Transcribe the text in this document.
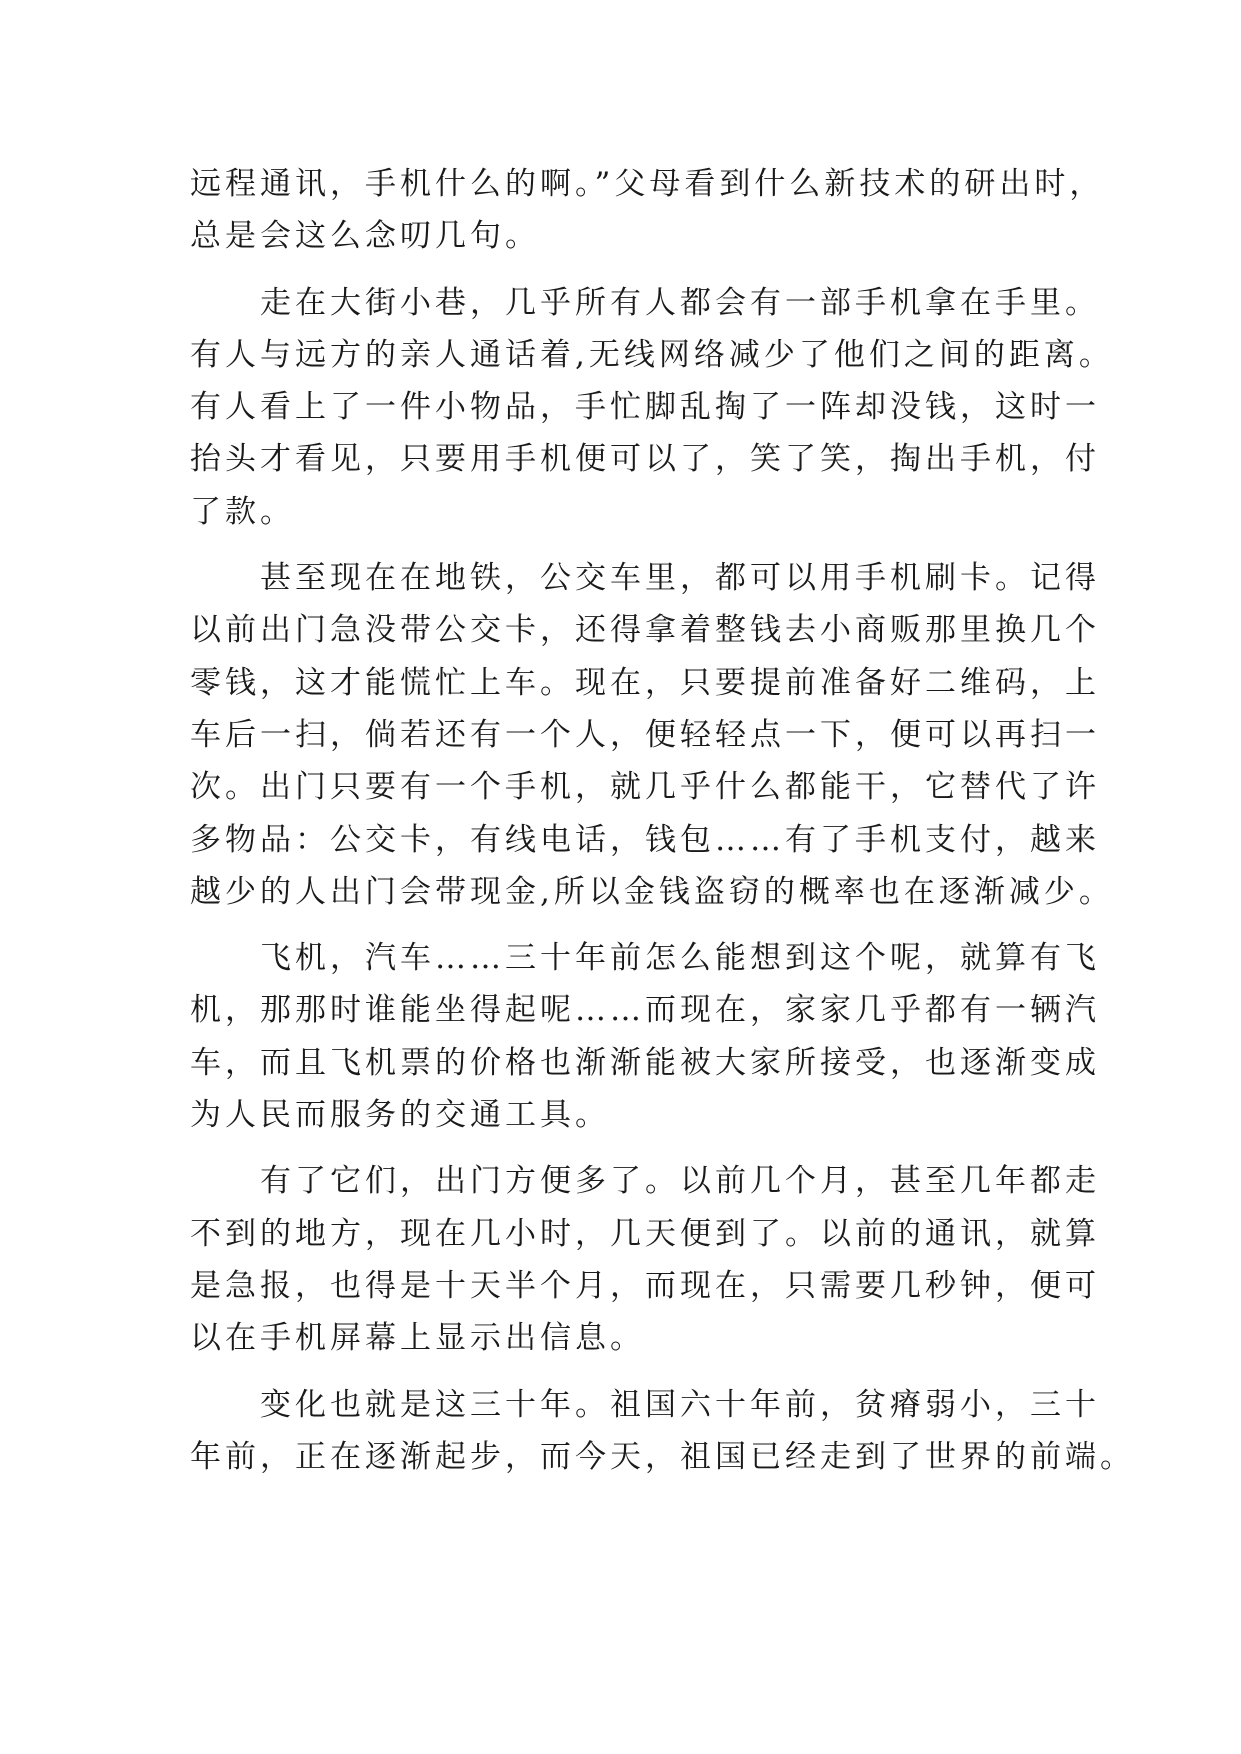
远程通讯，手机什么的啊。”父母看到什么新技术的研出时，
总是会这么念叨几句。
走在大街小巷，几乎所有人都会有一部手机拿在手里。
有人与远方的亲人通话着,无线网络减少了他们之间的距离。
有人看上了一件小物品，手忙脚乱掏了一阵却没钱，这时一
抬头才看见，只要用手机便可以了，笑了笑，掏出手机，付
了款。
甚至现在在地铁，公交车里，都可以用手机刷卡。记得
以前出门急没带公交卡，还得拿着整钱去小商贩那里换几个
零钱，这才能慌忙上车。现在，只要提前准备好二维码，上
车后一扫，倘若还有一个人，便轻轻点一下，便可以再扫一
次。出门只要有一个手机，就几乎什么都能干，它替代了许
多物品：公交卡，有线电话，钱包……有了手机支付，越来
越少的人出门会带现金,所以金钱盗窃的概率也在逐渐减少。
飞机，汽车……三十年前怎么能想到这个呢，就算有飞
机，那那时谁能坐得起呢……而现在，家家几乎都有一辆汽
车，而且飞机票的价格也渐渐能被大家所接受，也逐渐变成
为人民而服务的交通工具。
有了它们，出门方便多了。以前几个月，甚至几年都走
不到的地方，现在几小时，几天便到了。以前的通讯，就算
是急报，也得是十天半个月，而现在，只需要几秒钟，便可
以在手机屏幕上显示出信息。
变化也就是这三十年。祖国六十年前，贫瘠弱小，三十
年前，正在逐渐起步，而今天，祖国已经走到了世界的前端。
